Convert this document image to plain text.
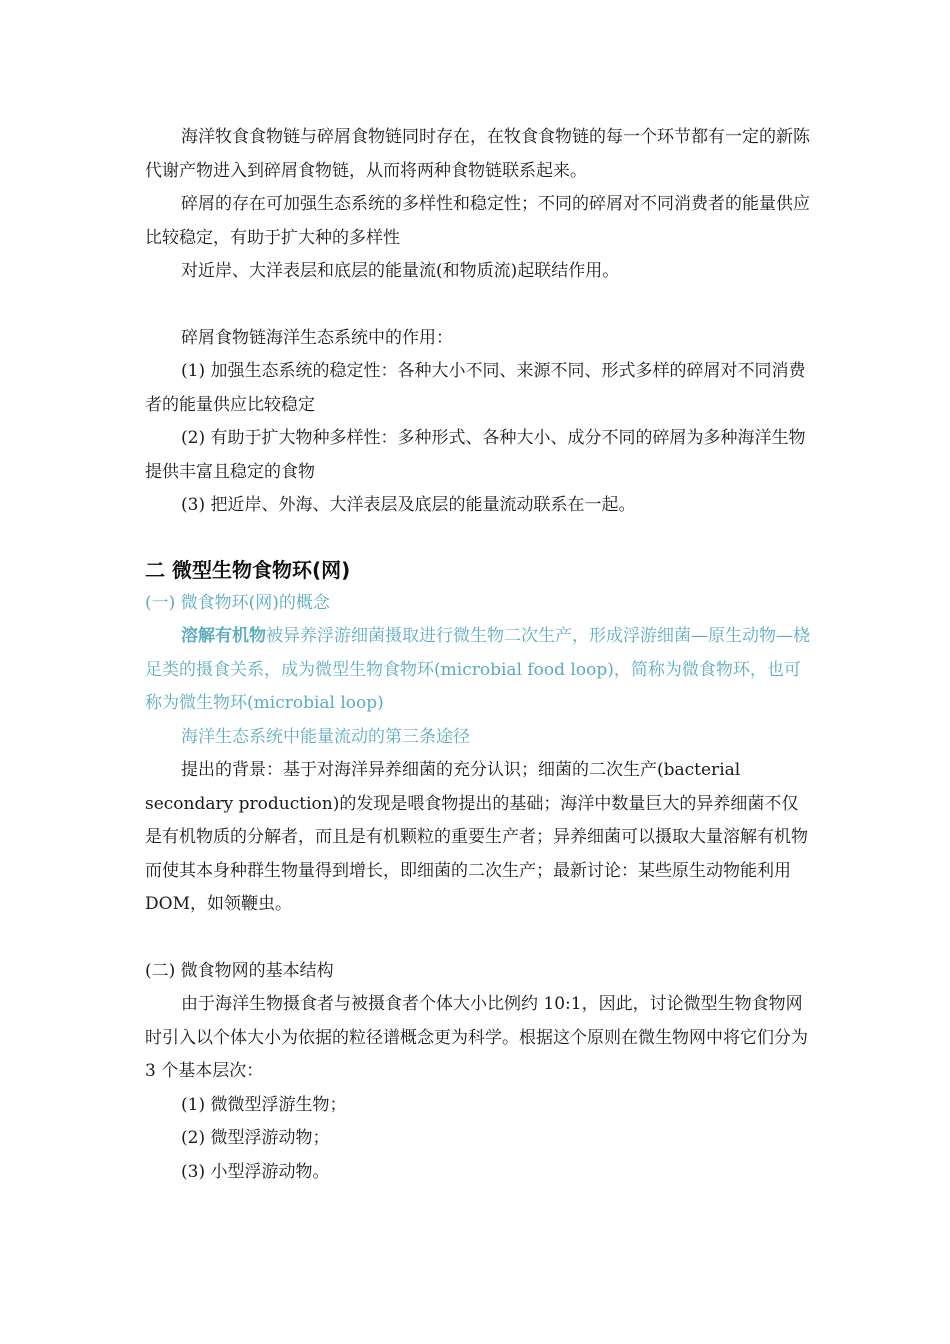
海洋牧食食物链与碎屑食物链同时存在，在牧食食物链的每一个环节都有一定的新陈代谢产物进入到碎屑食物链，从而将两种食物链联系起来。

碎屑的存在可加强生态系统的多样性和稳定性；不同的碎屑对不同消费者的能量供应比较稳定，有助于扩大种的多样性

对近岸、大洋表层和底层的能量流(和物质流)起联结作用。

碎屑食物链海洋生态系统中的作用：

(1) 加强生态系统的稳定性：各种大小不同、来源不同、形式多样的碎屑对不同消费者的能量供应比较稳定

(2) 有助于扩大物种多样性：多种形式、各种大小、成分不同的碎屑为多种海洋生物提供丰富且稳定的食物

(3) 把近岸、外海、大洋表层及底层的能量流动联系在一起。

二 微型生物食物环(网)

(一) 微食物环(网)的概念

溶解有机物被异养浮游细菌摄取进行微生物二次生产，形成浮游细菌—原生动物—桡足类的摄食关系，成为微型生物食物环(microbial food loop)，简称为微食物环，也可称为微生物环(microbial loop)

海洋生态系统中能量流动的第三条途径

提出的背景：基于对海洋异养细菌的充分认识；细菌的二次生产(bacterial secondary production)的发现是喂食物提出的基础；海洋中数量巨大的异养细菌不仅是有机物质的分解者，而且是有机颗粒的重要生产者；异养细菌可以摄取大量溶解有机物而使其本身种群生物量得到增长，即细菌的二次生产；最新讨论：某些原生动物能利用 DOM，如领鞭虫。

(二) 微食物网的基本结构

由于海洋生物摄食者与被摄食者个体大小比例约 10:1，因此，讨论微型生物食物网时引入以个体大小为依据的粒径谱概念更为科学。根据这个原则在微生物网中将它们分为 3 个基本层次：

(1) 微微型浮游生物；

(2) 微型浮游动物；

(3) 小型浮游动物。
